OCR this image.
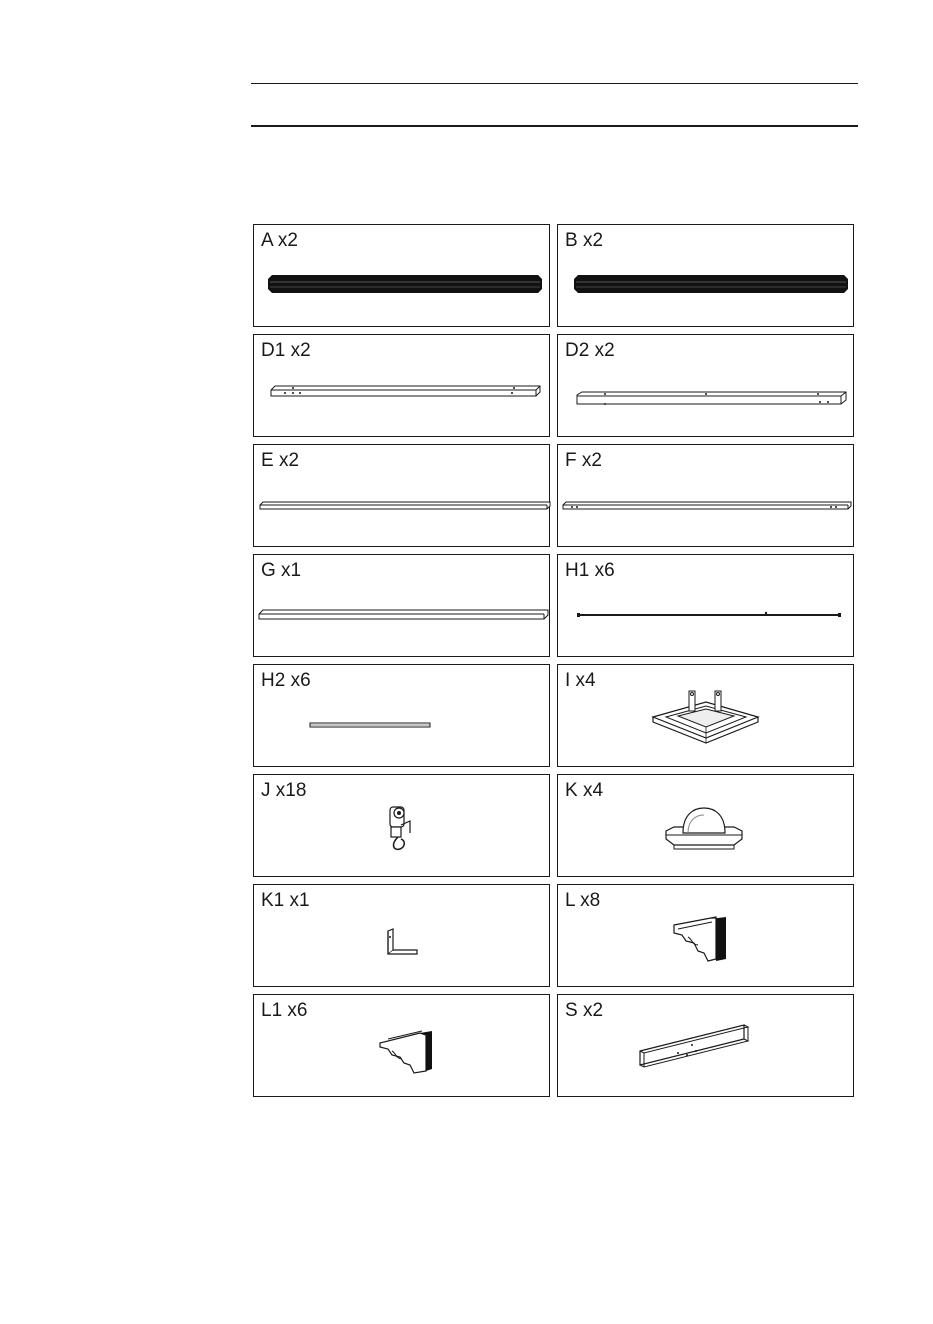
A x2	B x2
D1 x2	D2 x2
E x2	F x2
G x1	H1 x6
H2 x6	I x4
J x18	K x4
K1 x1	L x8
L1 x6	S x2
